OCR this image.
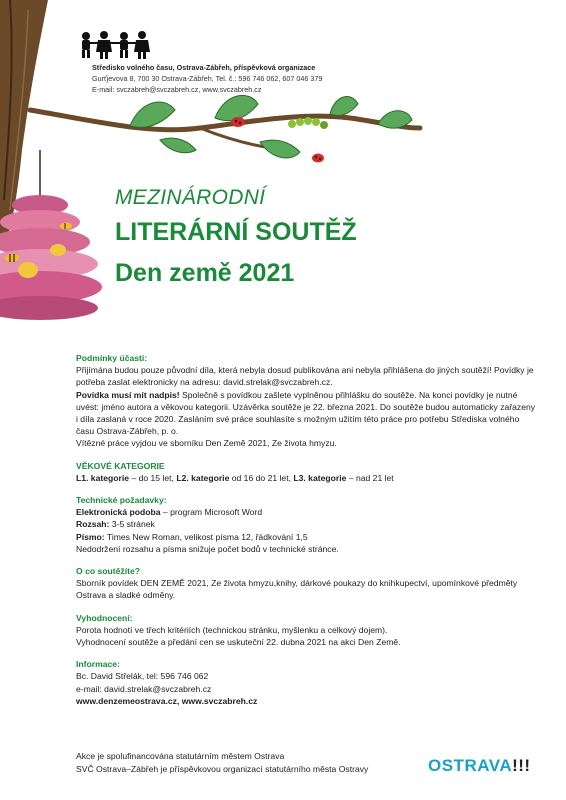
Středisko volného času, Ostrava-Zábřeh, příspěvková organizace
Gurťjevova 8, 700 30 Ostrava-Zábřeh, Tel. č.: 596 746 062, 607 046 379
E-mail: svczabreh@svczabreh.cz, www.svczabreh.cz
MEZINÁRODNÍ
LITERÁRNÍ SOUTĚŽ
Den země 2021

Podmínky účasti:

Přijímána budou pouze původní díla, která nebyla dosud publikována ani nebyla přihlášena do jiných soutěží! Povídky je potřeba zaslat elektronicky na adresu: david.strelak@svczabreh.cz.

Povídka musí mít nadpis! Společně s povídkou zašlete vyplněnou přihlášku do soutěže. Na konci povídky je nutné uvést: jméno autora a věkovou kategorii. Uzávěrka soutěže je 22. března 2021. Do soutěže budou automaticky zařazeny i díla zaslaná v roce 2020. Zasláním své práce souhlasíte s možným užitím této práce pro potřebu Střediska volného času Ostrava-Zábřeh, p. o.

Vítězné práce vyjdou ve sborníku Den Země 2021, Ze života hmyzu.

VĚKOVÉ KATEGORIE

L1. kategorie – do 15 let, L2. kategorie od 16 do 21 let, L3. kategorie – nad 21 let

Technické požadavky:

Elektronická podoba – program Microsoft Word

Rozsah: 3-5 stránek

Písmo: Times New Roman, velikost písma 12, řádkování 1,5

Nedodržení rozsahu a písma snižuje počet bodů v technické stránce.

O co soutěžíte?

Sborník povídek DEN ZEMĚ 2021, Ze života hmyzu,knihy, dárkové poukazy do knihkupectví, upomínkové předměty Ostrava a sladké odměny.

Vyhodnocení:

Porota hodnotí ve třech kritériích (technickou stránku, myšlenku a celkový dojem).

Vyhodnocení soutěže a předání cen se uskuteční 22. dubna 2021 na akci Den Země.

Informace:

Bc. David Střelák, tel: 596 746 062

e-mail: david.strelak@svczabreh.cz

www.denzemeostrava.cz, www.svczabreh.cz

Akce je spolufinancována statutárním městem Ostrava
SVČ Ostrava–Zábřeh je příspěvkovou organizací statutárního města Ostravy	OSTRAVA!!!
